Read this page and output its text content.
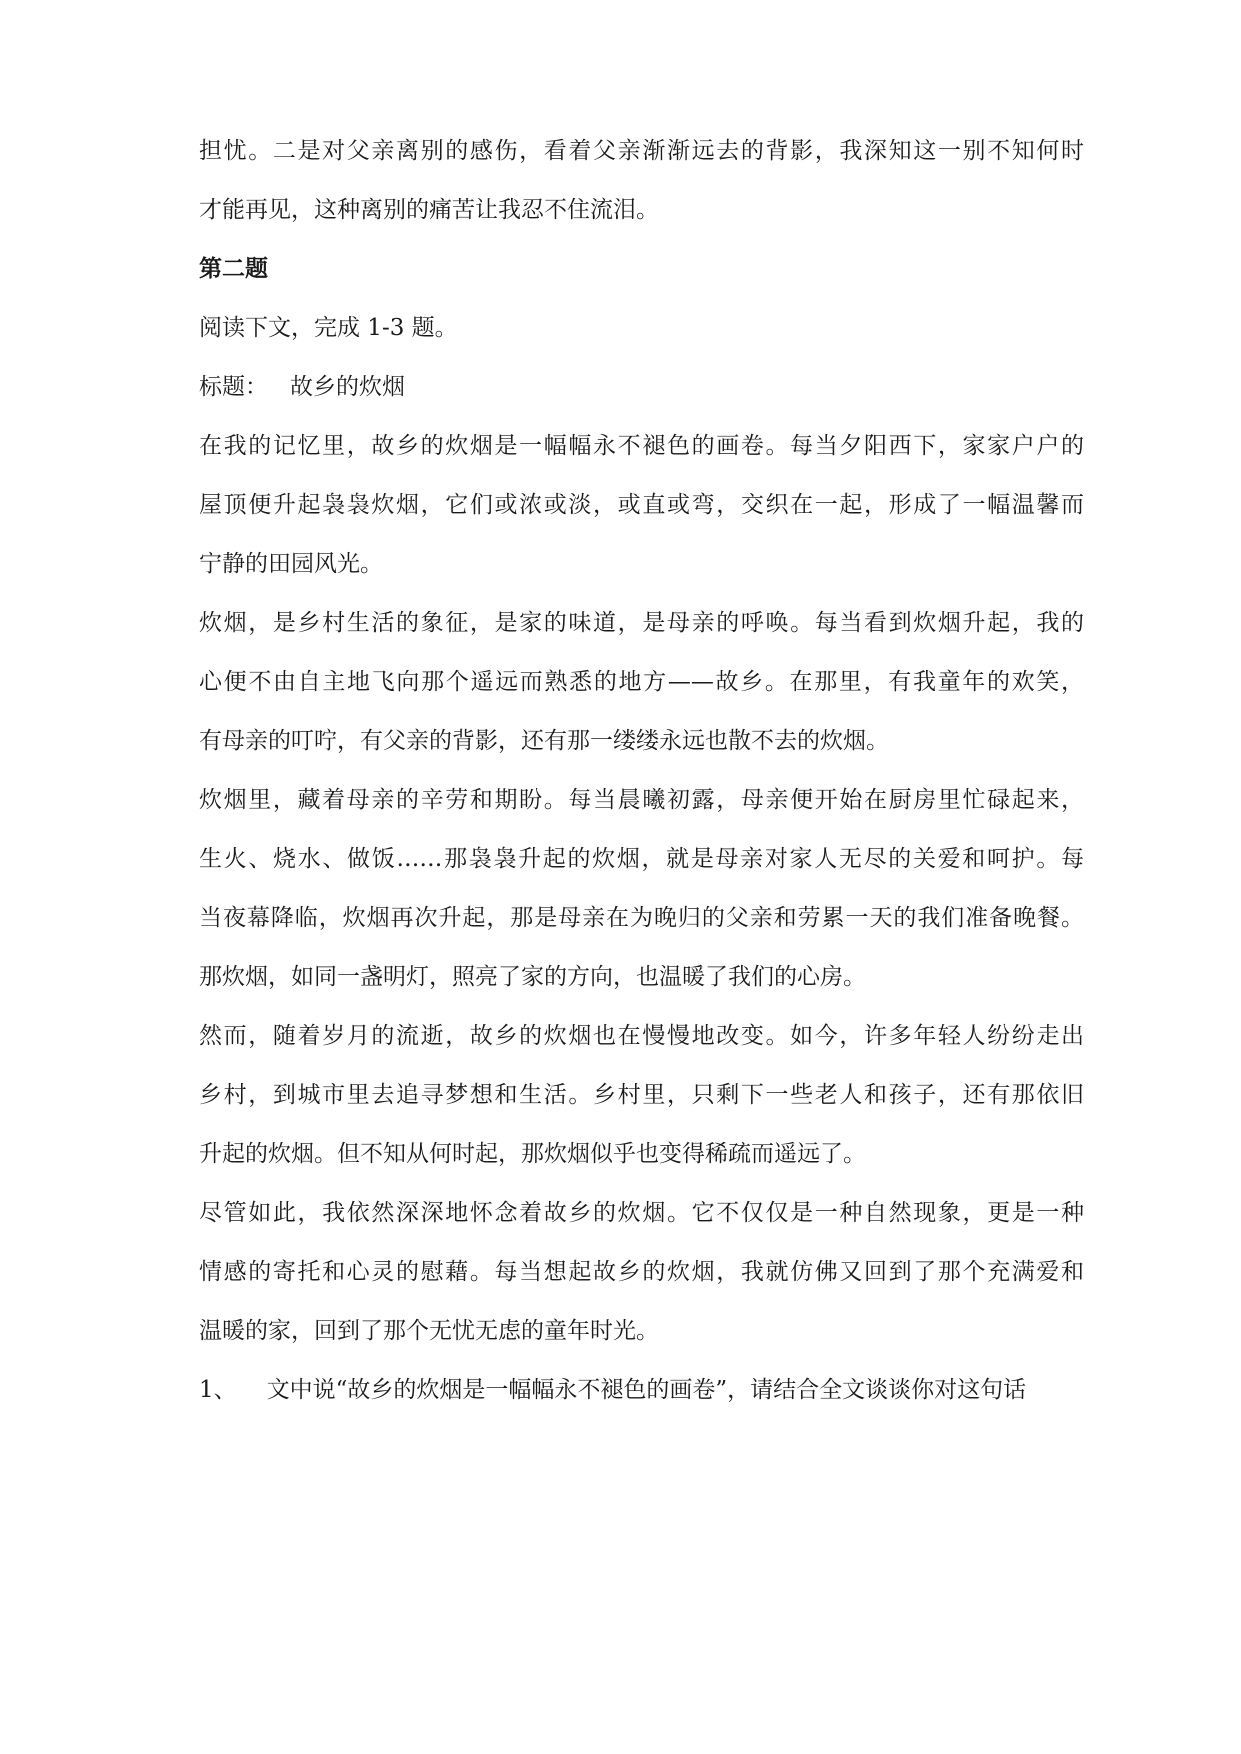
担忧。二是对父亲离别的感伤，看着父亲渐渐远去的背影，我深知这一别不知何时
才能再见，这种离别的痛苦让我忍不住流泪。
第二题
阅读下文，完成 1-3 题。
标题： 故乡的炊烟
在我的记忆里，故乡的炊烟是一幅幅永不褪色的画卷。每当夕阳西下，家家户户的
屋顶便升起袅袅炊烟，它们或浓或淡，或直或弯，交织在一起，形成了一幅温馨而
宁静的田园风光。
炊烟，是乡村生活的象征，是家的味道，是母亲的呼唤。每当看到炊烟升起，我的
心便不由自主地飞向那个遥远而熟悉的地方——故乡。在那里，有我童年的欢笑，
有母亲的叮咛，有父亲的背影，还有那一缕缕永远也散不去的炊烟。
炊烟里，藏着母亲的辛劳和期盼。每当晨曦初露，母亲便开始在厨房里忙碌起来，
生火、烧水、做饭……那袅袅升起的炊烟，就是母亲对家人无尽的关爱和呵护。每
当夜幕降临，炊烟再次升起，那是母亲在为晚归的父亲和劳累一天的我们准备晚餐。
那炊烟，如同一盏明灯，照亮了家的方向，也温暖了我们的心房。
然而，随着岁月的流逝，故乡的炊烟也在慢慢地改变。如今，许多年轻人纷纷走出
乡村，到城市里去追寻梦想和生活。乡村里，只剩下一些老人和孩子，还有那依旧
升起的炊烟。但不知从何时起，那炊烟似乎也变得稀疏而遥远了。
尽管如此，我依然深深地怀念着故乡的炊烟。它不仅仅是一种自然现象，更是一种
情感的寄托和心灵的慰藉。每当想起故乡的炊烟，我就仿佛又回到了那个充满爱和
温暖的家，回到了那个无忧无虑的童年时光。
1、 文中说“故乡的炊烟是一幅幅永不褪色的画卷”，请结合全文谈谈你对这句话
